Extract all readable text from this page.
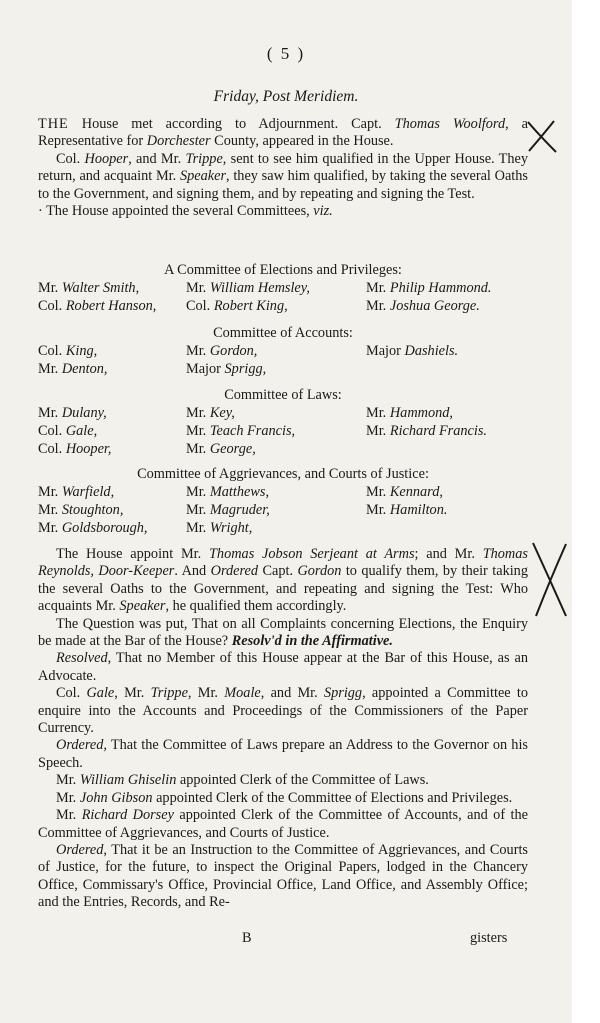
( 5 )
Friday, Post Meridiem.

THE House met according to Adjournment. Capt. Thomas Woolford, a Representative for Dorchester County, appeared in the House.

Col. Hooper, and Mr. Trippe, sent to see him qualified in the Upper House. They return, and acquaint Mr. Speaker, they saw him qualified, by taking the several Oaths to the Government, and signing them, and by repeating and signing the Test.

· The House appointed the several Committees, viz.

A Committee of Elections and Privileges:
Mr. Walter Smith,	Mr. William Hemsley,	Mr. Philip Hammond.
Col. Robert Hanson, Col. Robert King,	Mr. Joshua George.
Committee of Accounts:
Col. King,	Mr. Gordon,	Major Dashiels.
Mr. Denton,	Major Sprigg,
Committee of Laws:
Mr. Dulany,	Mr. Key,	Mr. Hammond,
Col. Gale,	Mr. Teach Francis,	Mr. Richard Francis.
Col. Hooper,	Mr. George,
Committee of Aggrievances, and Courts of Justice:
Mr. Warfield,	Mr. Matthews,	Mr. Kennard,
Mr. Stoughton,	Mr. Magruder,	Mr. Hamilton.
Mr. Goldsborough,	Mr. Wright,

The House appoint Mr. Thomas Jobson Serjeant at Arms; and Mr. Thomas Reynolds, Door-Keeper. And Ordered Capt. Gordon to qualify them, by their taking the several Oaths to the Government, and repeating and signing the Test: Who acquaints Mr. Speaker, he qualified them accordingly.

The Question was put, That on all Complaints concerning Elections, the Enquiry be made at the Bar of the House? Resolv'd in the Affirmative.

Resolved, That no Member of this House appear at the Bar of this House, as an Advocate.

Col. Gale, Mr. Trippe, Mr. Moale, and Mr. Sprigg, appointed a Committee to enquire into the Accounts and Proceedings of the Commissioners of the Paper Currency.

Ordered, That the Committee of Laws prepare an Address to the Governor on his Speech.

Mr. William Ghiselin appointed Clerk of the Committee of Laws.

Mr. John Gibson appointed Clerk of the Committee of Elections and Privileges.

Mr. Richard Dorsey appointed Clerk of the Committee of Accounts, and of the Committee of Aggrievances, and Courts of Justice.

Ordered, That it be an Instruction to the Committee of Aggrievances, and Courts of Justice, for the future, to inspect the Original Papers, lodged in the Chancery Office, Commissary's Office, Provincial Office, Land Office, and Assembly Office; and the Entries, Records, and Re-

B	gisters
